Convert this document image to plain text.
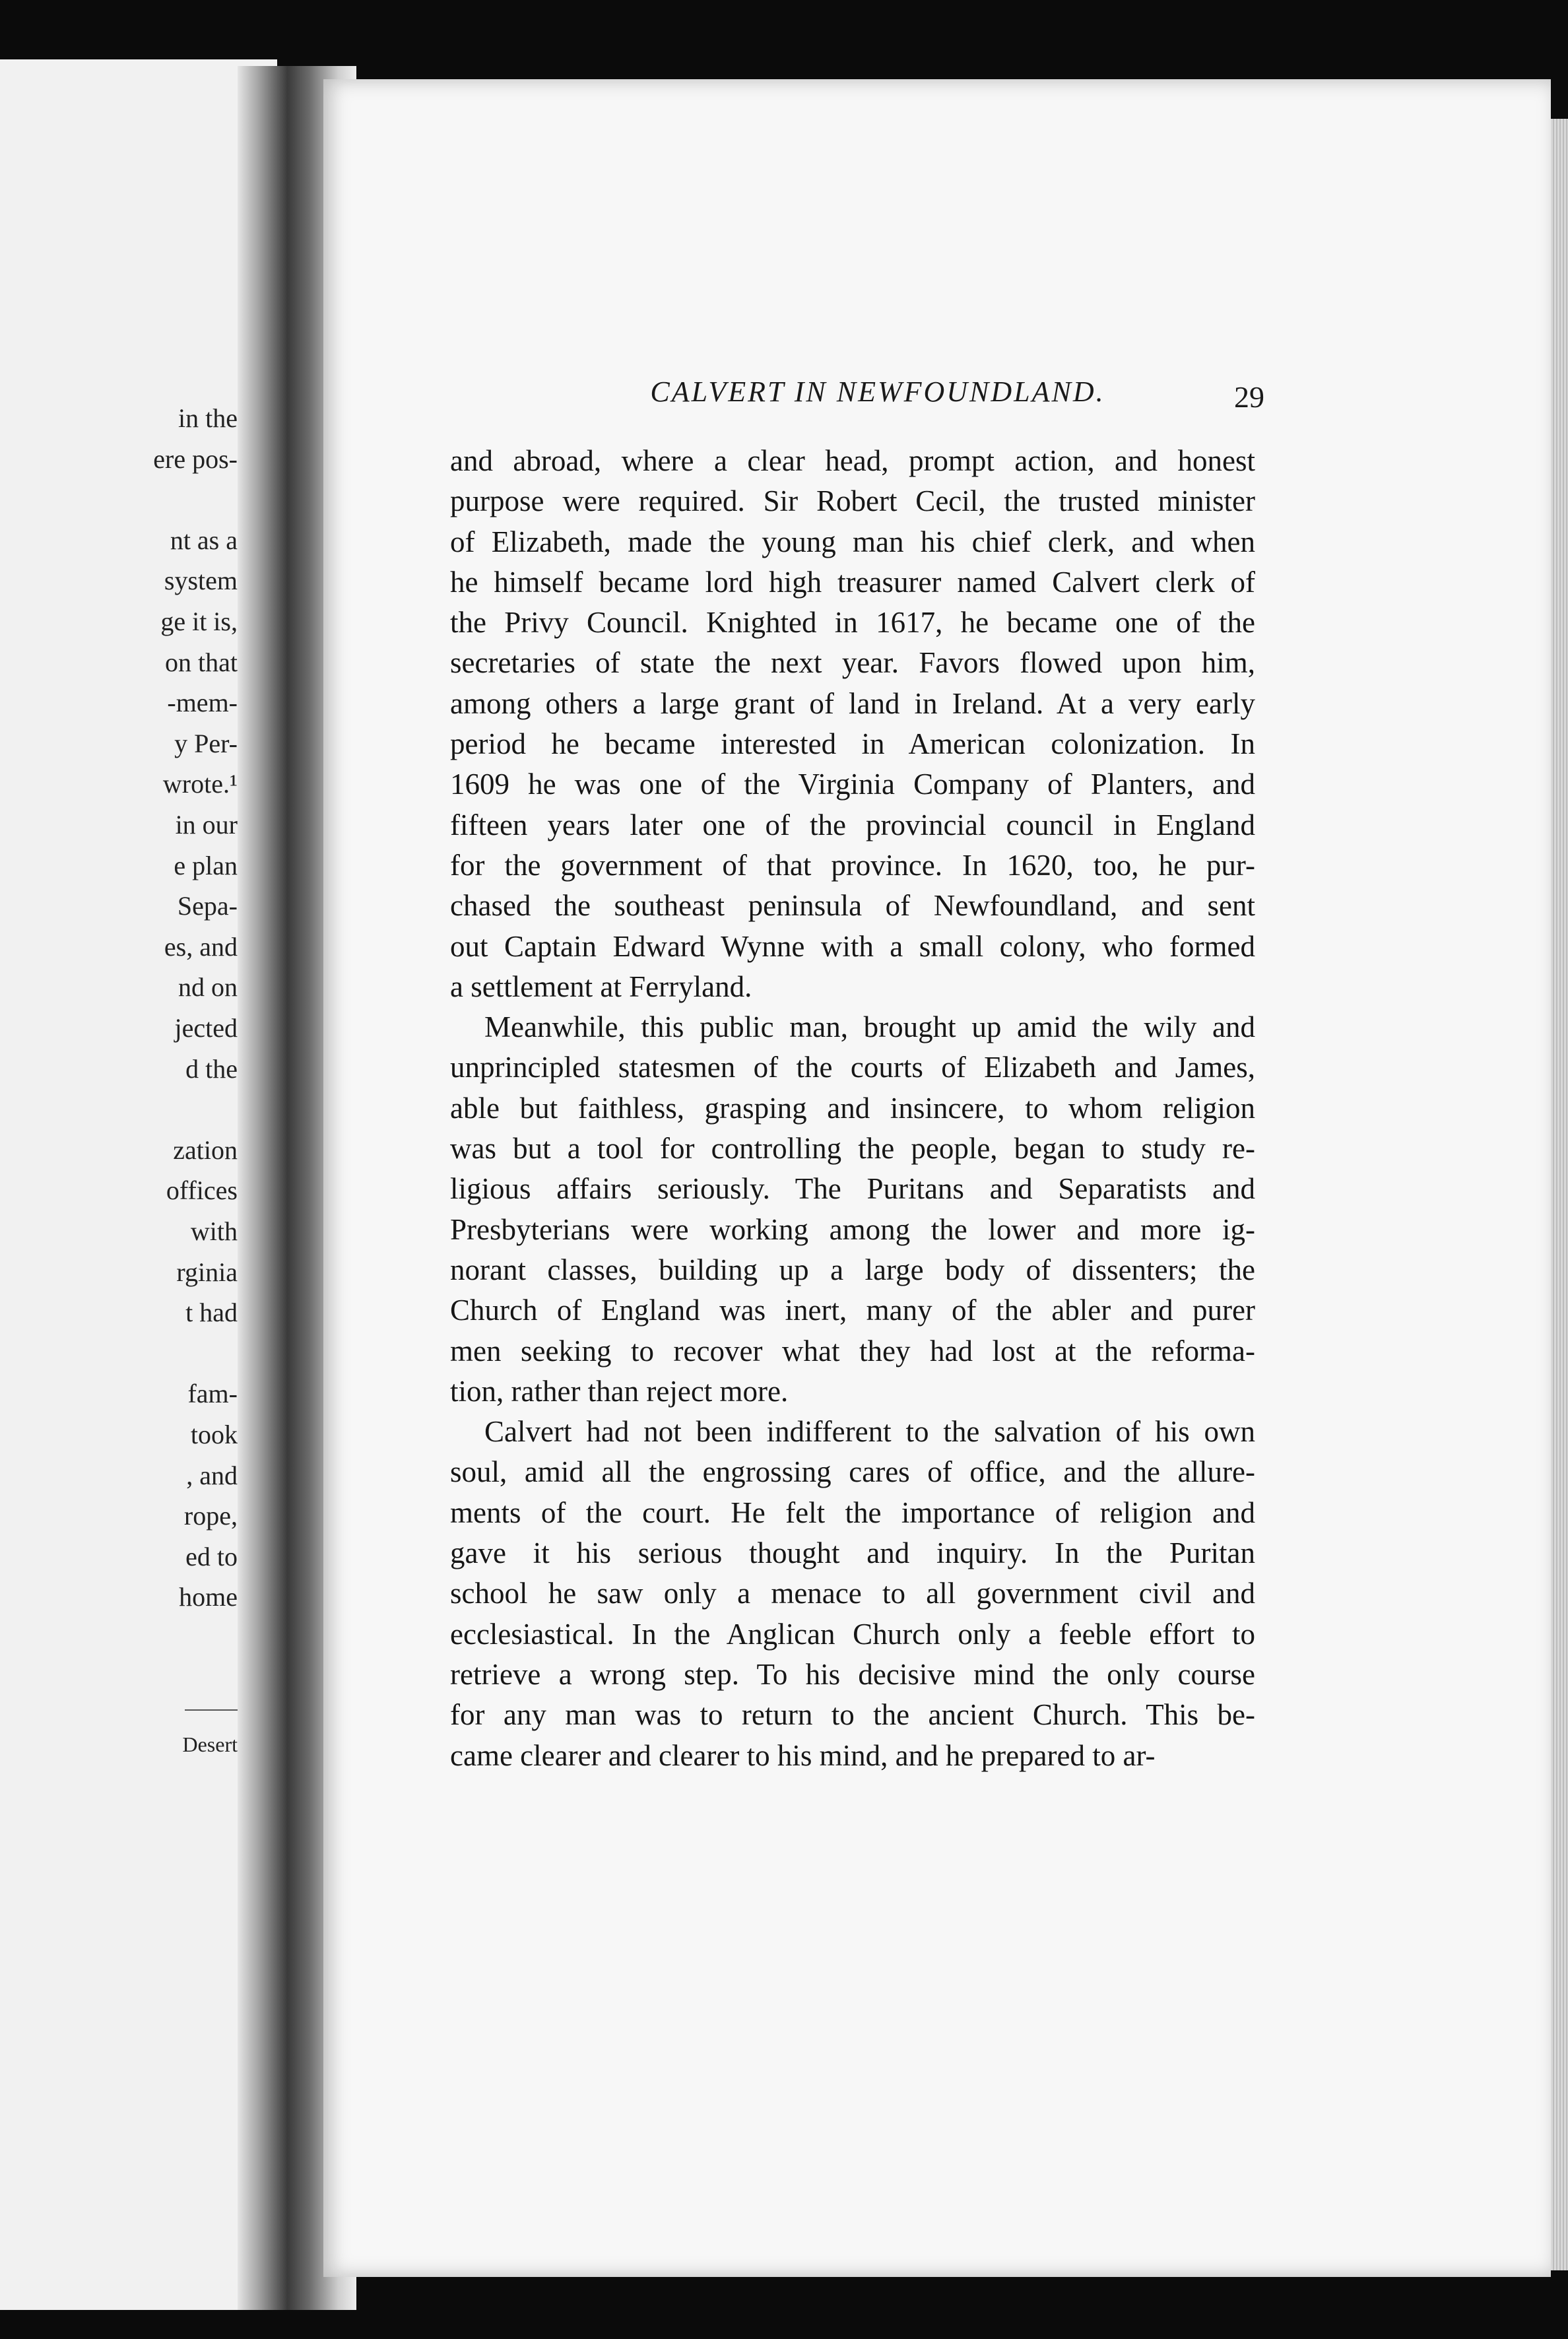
in the
ere pos-
nt as a
system
ge it is,
on that
-mem-
y Per-
wrote.¹
in our
e plan
Sepa-
es, and
nd on
jected
d the
zation
offices
with
rginia
t had
fam-
took
, and
rope,
ed to
home
Desert
CALVERT IN NEWFOUNDLAND.	29

and abroad, where a clear head, prompt action, and honest
purpose were required. Sir Robert Cecil, the trusted minister
of Elizabeth, made the young man his chief clerk, and when
he himself became lord high treasurer named Calvert clerk of
the Privy Council. Knighted in 1617, he became one of the
secretaries of state the next year. Favors flowed upon him,
among others a large grant of land in Ireland. At a very early
period he became interested in American colonization. In
1609 he was one of the Virginia Company of Planters, and
fifteen years later one of the provincial council in England
for the government of that province. In 1620, too, he pur-
chased the southeast peninsula of Newfoundland, and sent
out Captain Edward Wynne with a small colony, who formed
a settlement at Ferryland.

Meanwhile, this public man, brought up amid the wily and
unprincipled statesmen of the courts of Elizabeth and James,
able but faithless, grasping and insincere, to whom religion
was but a tool for controlling the people, began to study re-
ligious affairs seriously. The Puritans and Separatists and
Presbyterians were working among the lower and more ig-
norant classes, building up a large body of dissenters; the
Church of England was inert, many of the abler and purer
men seeking to recover what they had lost at the reforma-
tion, rather than reject more.

Calvert had not been indifferent to the salvation of his own
soul, amid all the engrossing cares of office, and the allure-
ments of the court. He felt the importance of religion and
gave it his serious thought and inquiry. In the Puritan
school he saw only a menace to all government civil and
ecclesiastical. In the Anglican Church only a feeble effort to
retrieve a wrong step. To his decisive mind the only course
for any man was to return to the ancient Church. This be-
came clearer and clearer to his mind, and he prepared to ar-
